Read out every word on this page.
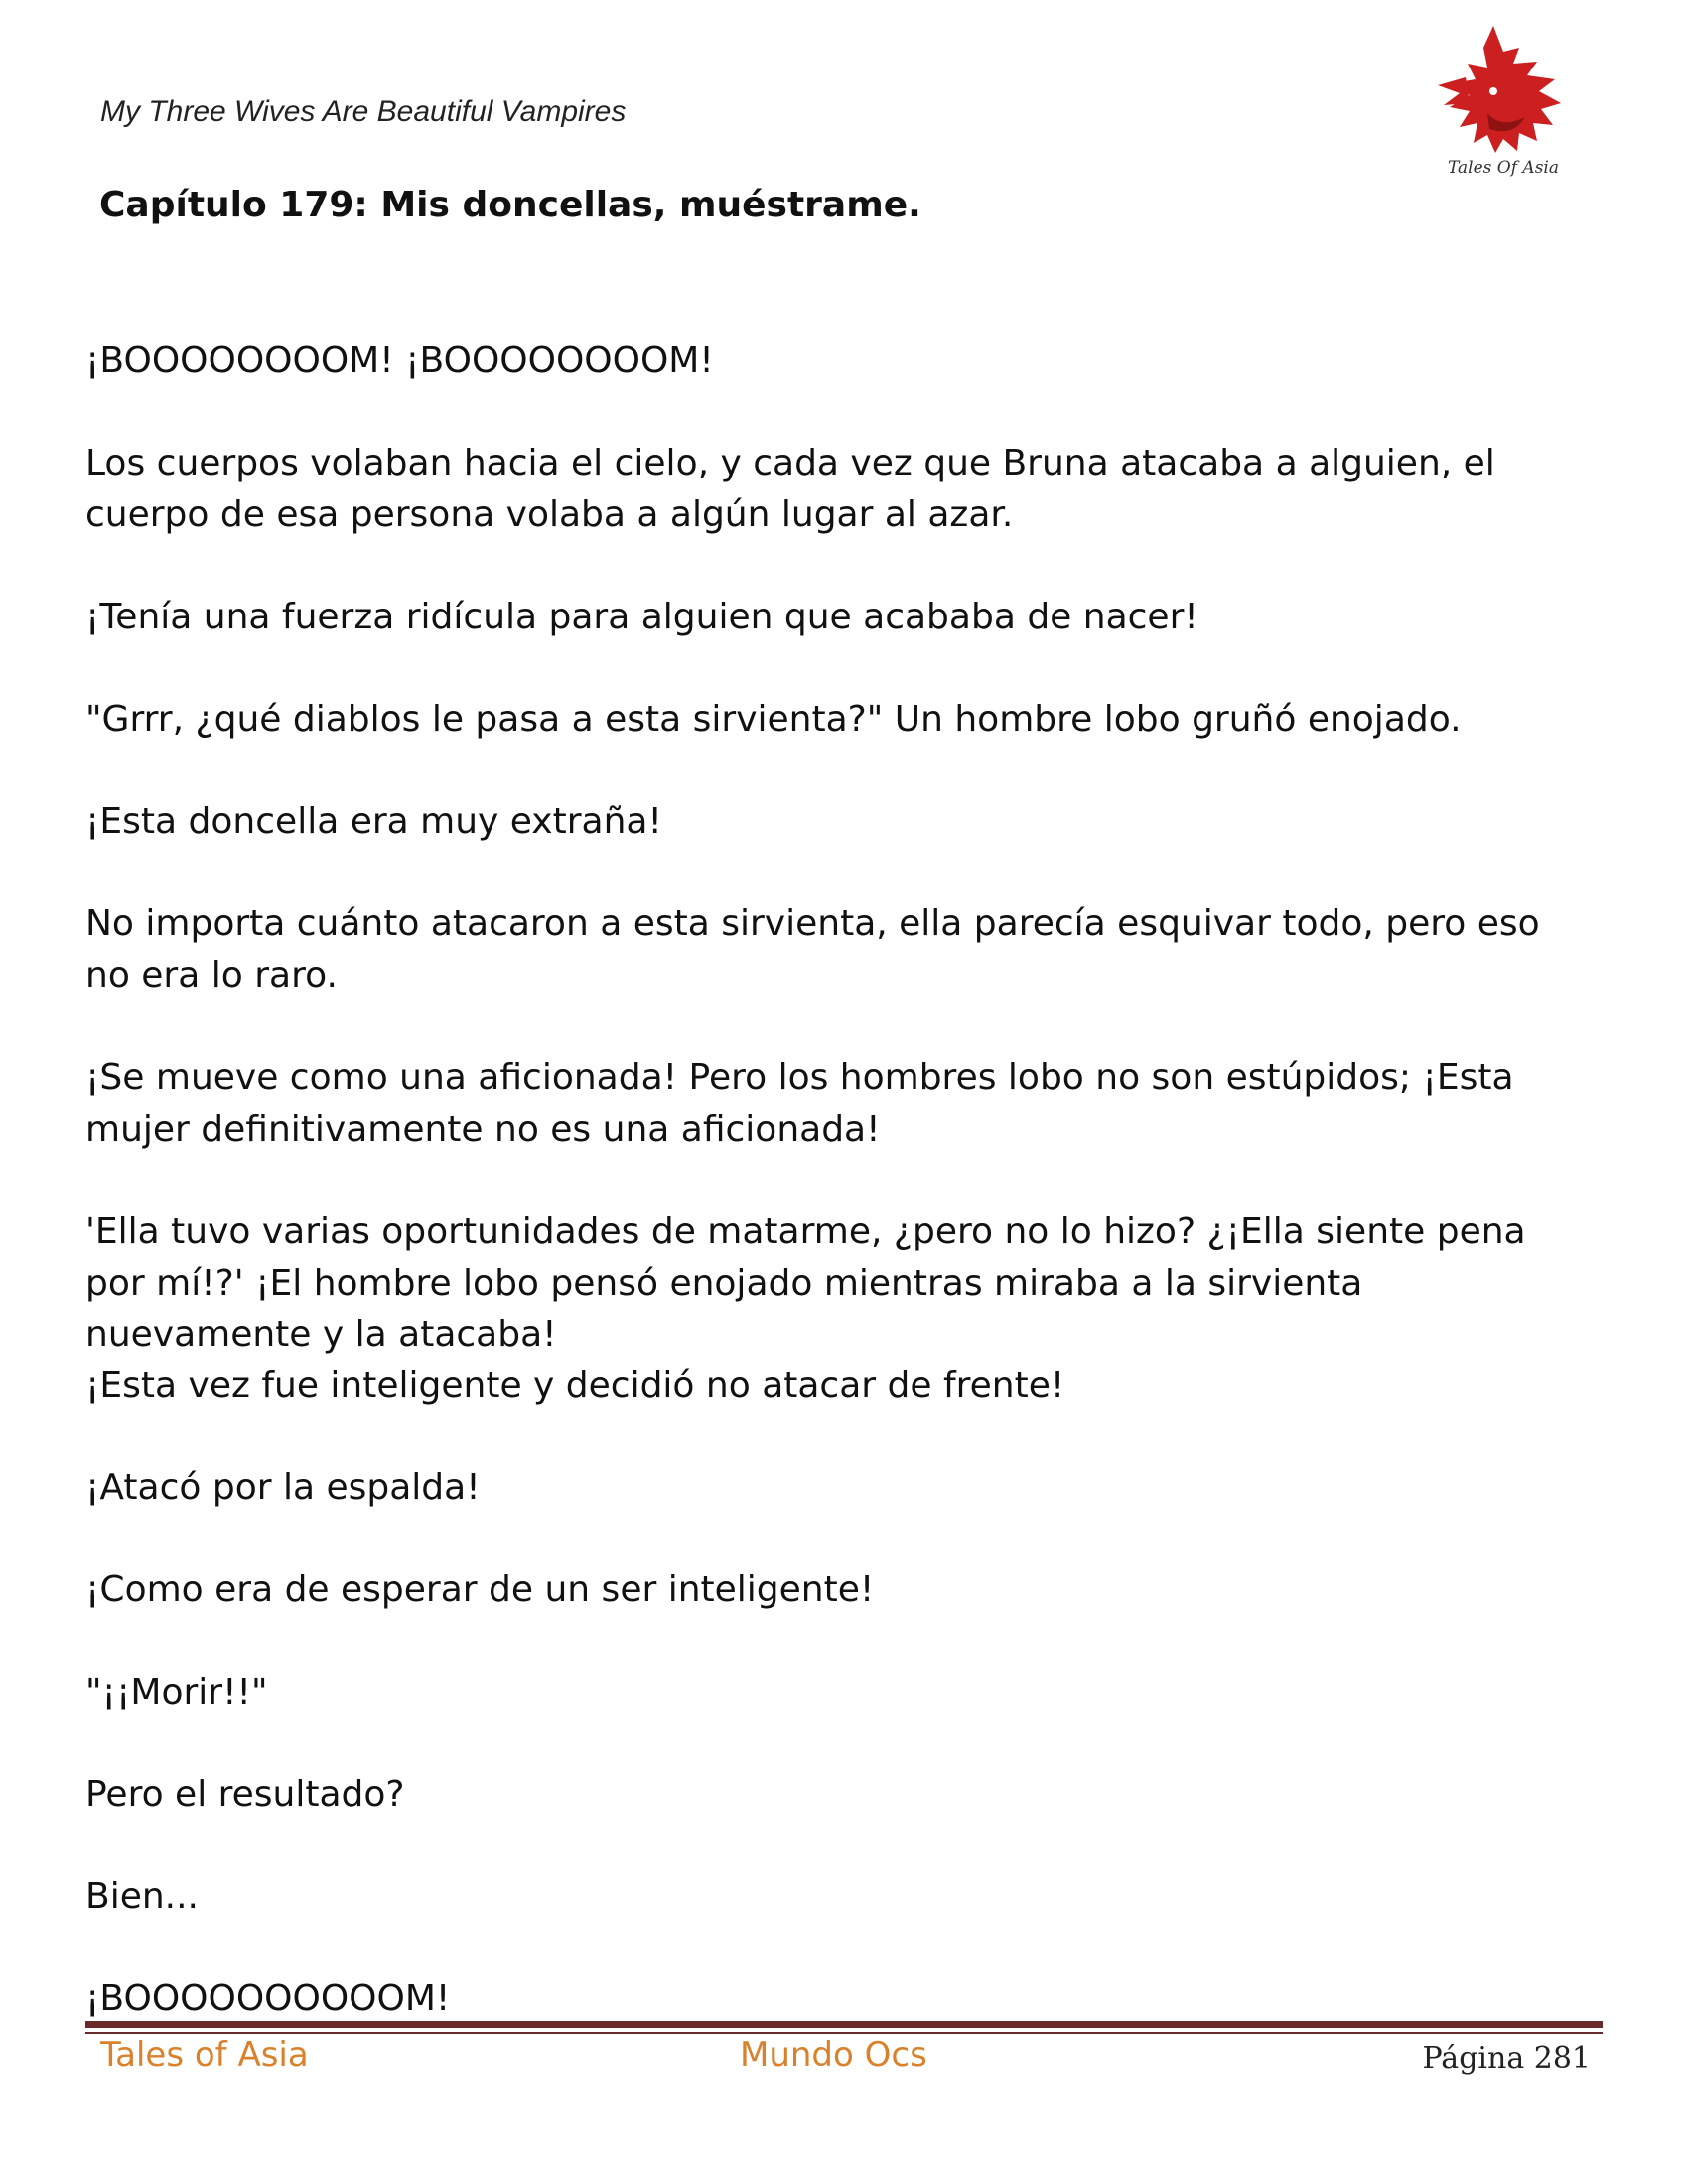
My Three Wives Are Beautiful Vampires
Tales Of Asia
Capítulo 179: Mis doncellas, muéstrame.

¡BOOOOOOOOM! ¡BOOOOOOOOM!

Los cuerpos volaban hacia el cielo, y cada vez que Bruna atacaba a alguien, el cuerpo de esa persona volaba a algún lugar al azar.

¡Tenía una fuerza ridícula para alguien que acababa de nacer!

"Grrr, ¿qué diablos le pasa a esta sirvienta?" Un hombre lobo gruñó enojado.

¡Esta doncella era muy extraña!

No importa cuánto atacaron a esta sirvienta, ella parecía esquivar todo, pero eso no era lo raro.

¡Se mueve como una aficionada! Pero los hombres lobo no son estúpidos; ¡Esta mujer definitivamente no es una aficionada!

'Ella tuvo varias oportunidades de matarme, ¿pero no lo hizo? ¿¡Ella siente pena por mí!?' ¡El hombre lobo pensó enojado mientras miraba a la sirvienta nuevamente y la atacaba!

¡Esta vez fue inteligente y decidió no atacar de frente!

¡Atacó por la espalda!

¡Como era de esperar de un ser inteligente!

"¡¡Morir!!"

Pero el resultado?

Bien...

¡BOOOOOOOOOOM!

Tales of Asia	Mundo Ocs	Página 281
